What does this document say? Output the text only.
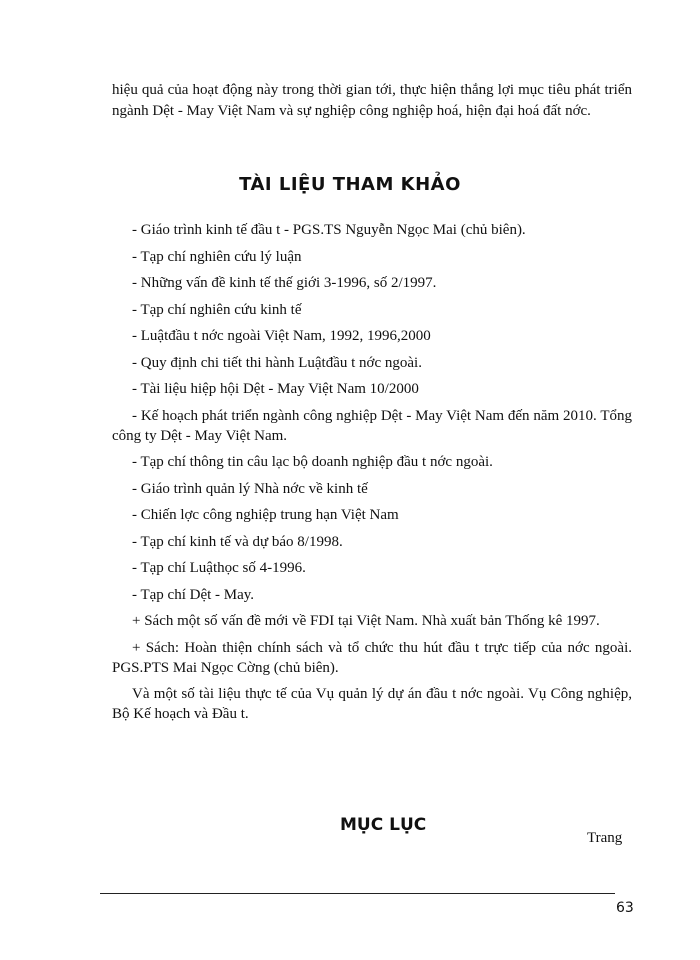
hiệu quả của hoạt động này trong thời gian tới, thực hiện thắng lợi mục tiêu phát triển ngành Dệt - May Việt Nam và sự nghiệp công nghiệp hoá, hiện đại hoá đất nớc.
TÀI LIỆU THAM KHẢO

- Giáo trình kinh tế đầu t - PGS.TS Nguyễn Ngọc Mai (chủ biên).

- Tạp chí nghiên cứu lý luận

- Những vấn đề kinh tế thế giới 3-1996, số 2/1997.

- Tạp chí nghiên cứu kinh tế

- Luậtđầu t nớc ngoài Việt Nam, 1992, 1996,2000

- Quy định chi tiết thi hành Luậtđầu t nớc ngoài.

- Tài liệu hiệp hội Dệt - May Việt Nam 10/2000

- Kế hoạch phát triển ngành công nghiệp Dệt - May Việt Nam đến năm 2010. Tổng công ty Dệt - May Việt Nam.

- Tạp chí thông tin câu lạc bộ doanh nghiệp đầu t nớc ngoài.

- Giáo trình quản lý Nhà nớc về kinh tế

- Chiến lợc công nghiệp trung hạn Việt Nam

- Tạp chí kinh tế và dự báo 8/1998.

- Tạp chí Luậthọc số 4-1996.

- Tạp chí Dệt - May.

+ Sách một số vấn đề mới về FDI tại Việt Nam. Nhà xuất bản Thống kê 1997.

+ Sách: Hoàn thiện chính sách và tổ chức thu hút đầu t trực tiếp của nớc ngoài. PGS.PTS Mai Ngọc Cờng (chủ biên).

Và một số tài liệu thực tế của Vụ quản lý dự án đầu t nớc ngoài. Vụ Công nghiệp, Bộ Kế hoạch và Đầu t.

MỤC LỤC
Trang
63
